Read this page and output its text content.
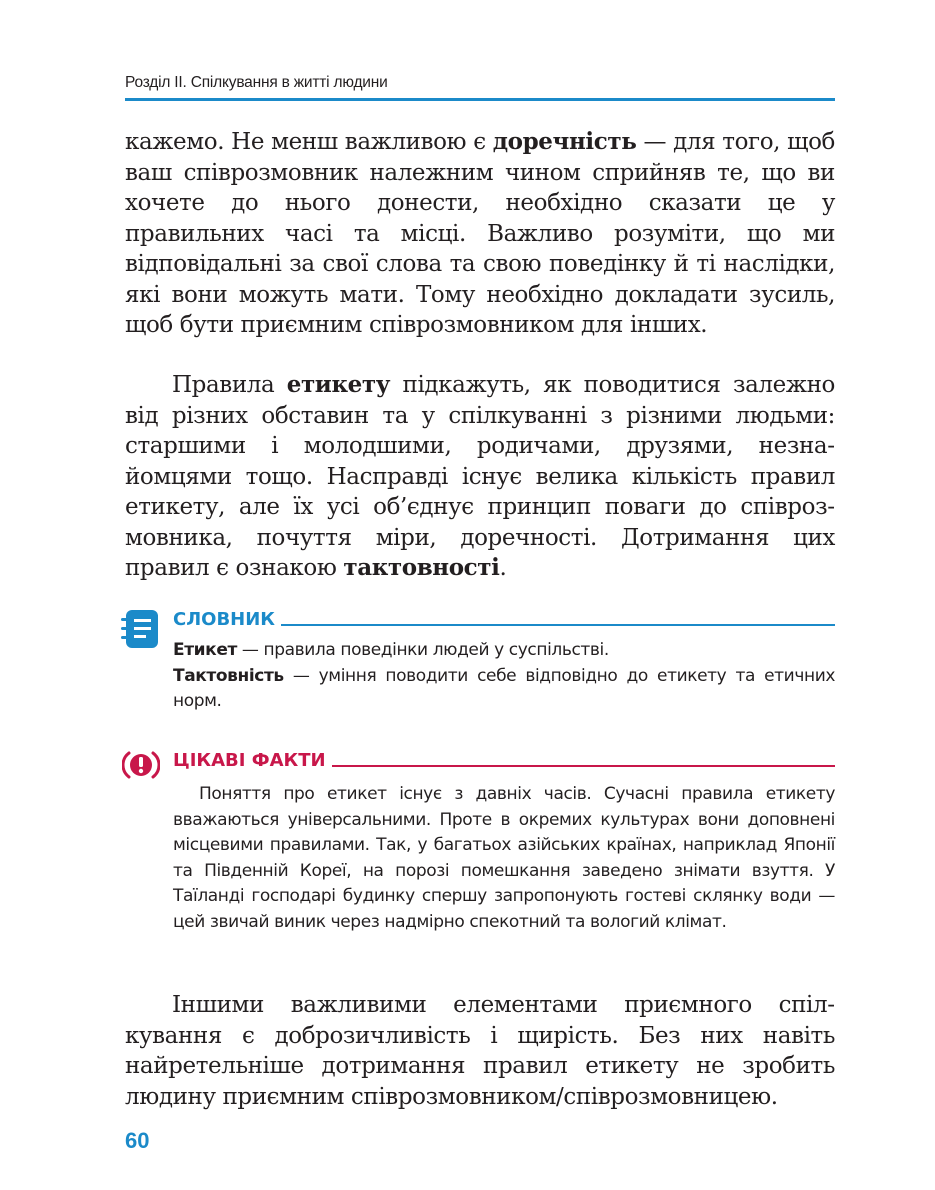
Розділ II. Спілкування в житті людини

кажемо. Не менш важливою є доречність — для того, щоб ваш співрозмовник належним чином сприйняв те, що ви хочете до нього донести, необхідно сказати це у правильних часі та місці. Важливо розуміти, що ми відповідальні за свої слова та свою поведінку й ті наслідки, які вони можуть мати. Тому необхідно докладати зусиль, щоб бути приємним співрозмовником для інших.

Правила етикету підкажуть, як поводитися залежно від різних обставин та у спілкуванні з різними людьми: старшими і молодшими, родичами, друзями, незнайомцями тощо. Насправді існує велика кількість правил етикету, але їх усі об’єднує принцип поваги до співрозмовника, почуття міри, доречності. Дотримання цих правил є ознакою тактовності.

СЛОВНИК

Етикет — правила поведінки людей у суспільстві.

Тактовність — уміння поводити себе відповідно до етикету та етичних норм.

ЦІКАВІ ФАКТИ

Поняття про етикет існує з давніх часів. Сучасні правила етикету вважаються універсальними. Проте в окремих культурах вони доповнені місцевими правилами. Так, у багатьох азійських країнах, наприклад Японії та Південній Кореї, на порозі помешкання заведено знімати взуття. У Таїланді господарі будинку спершу запропонують гостеві склянку води — цей звичай виник через надмірно спекотний та вологий клімат.

Іншими важливими елементами приємного спілкування є доброзичливість і щирість. Без них навіть найретельніше дотримання правил етикету не зробить людину приємним співрозмовником/співрозмовницею.

60
